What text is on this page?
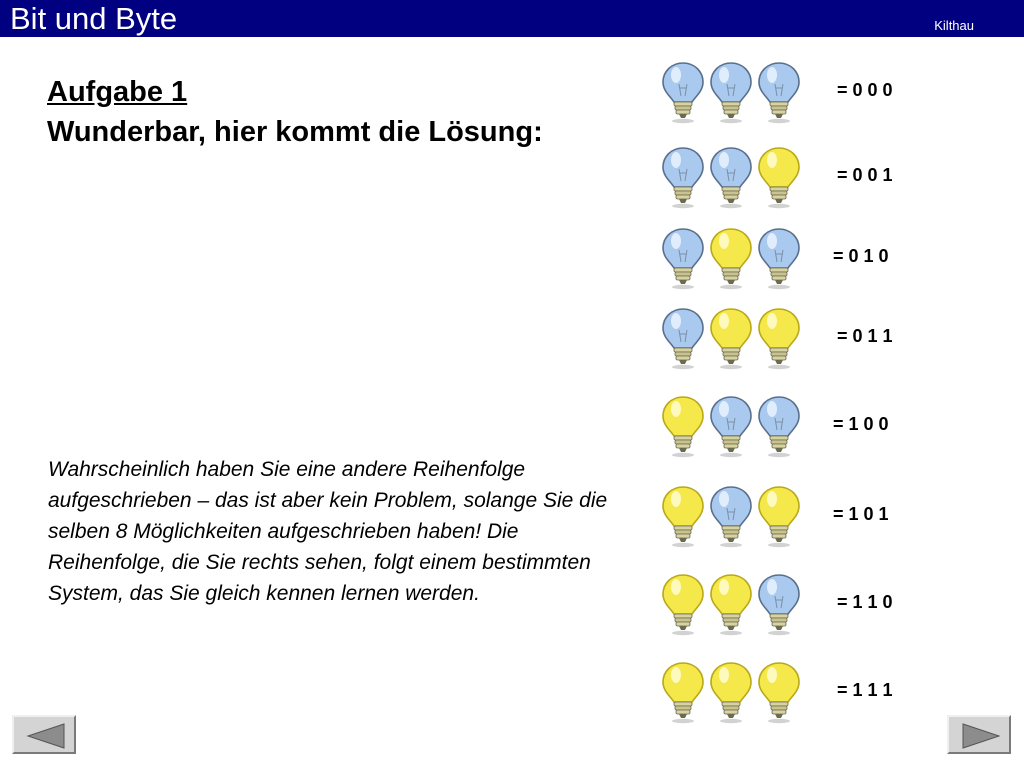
Bit und Byte	Kilthau
Aufgabe 1
Wunderbar, hier kommt die Lösung:
Wahrscheinlich haben Sie eine andere Reihenfolge aufgeschrieben – das ist aber kein Problem, solange Sie die selben 8 Möglichkeiten aufgeschrieben haben! Die Reihenfolge, die Sie rechts sehen, folgt einem bestimmten System, das Sie gleich kennen lernen werden.
= 0 0 0
= 0 0 1
= 0 1 0
= 0 1 1
= 1 0 0
= 1 0 1
= 1 1 0
= 1 1 1
